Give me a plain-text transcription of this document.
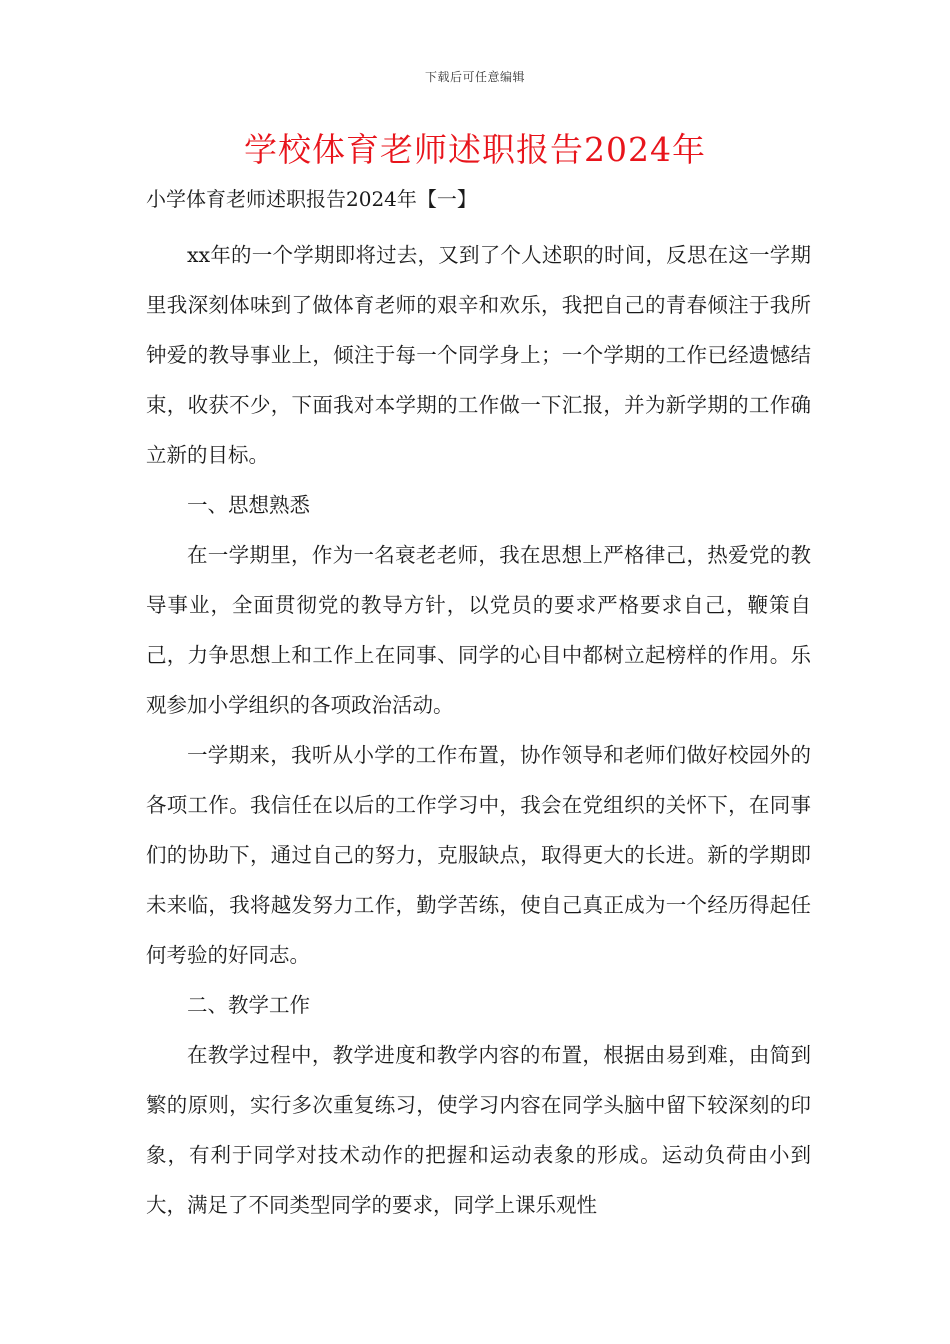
下载后可任意编辑
学校体育老师述职报告2024年
小学体育老师述职报告2024年【一】

xx年的一个学期即将过去，又到了个人述职的时间，反思在这一学期里我深刻体味到了做体育老师的艰辛和欢乐，我把自己的青春倾注于我所钟爱的教导事业上，倾注于每一个同学身上；一个学期的工作已经遗憾结束，收获不少，下面我对本学期的工作做一下汇报，并为新学期的工作确立新的目标。

一、思想熟悉

在一学期里，作为一名衰老老师，我在思想上严格律己，热爱党的教导事业，全面贯彻党的教导方针，以党员的要求严格要求自己，鞭策自己，力争思想上和工作上在同事、同学的心目中都树立起榜样的作用。乐观参加小学组织的各项政治活动。

一学期来，我听从小学的工作布置，协作领导和老师们做好校园外的各项工作。我信任在以后的工作学习中，我会在党组织的关怀下，在同事们的协助下，通过自己的努力，克服缺点，取得更大的长进。新的学期即未来临，我将越发努力工作，勤学苦练，使自己真正成为一个经历得起任何考验的好同志。

二、教学工作

在教学过程中，教学进度和教学内容的布置，根据由易到难，由简到繁的原则，实行多次重复练习，使学习内容在同学头脑中留下较深刻的印象，有利于同学对技术动作的把握和运动表象的形成。运动负荷由小到大，满足了不同类型同学的要求，同学上课乐观性
